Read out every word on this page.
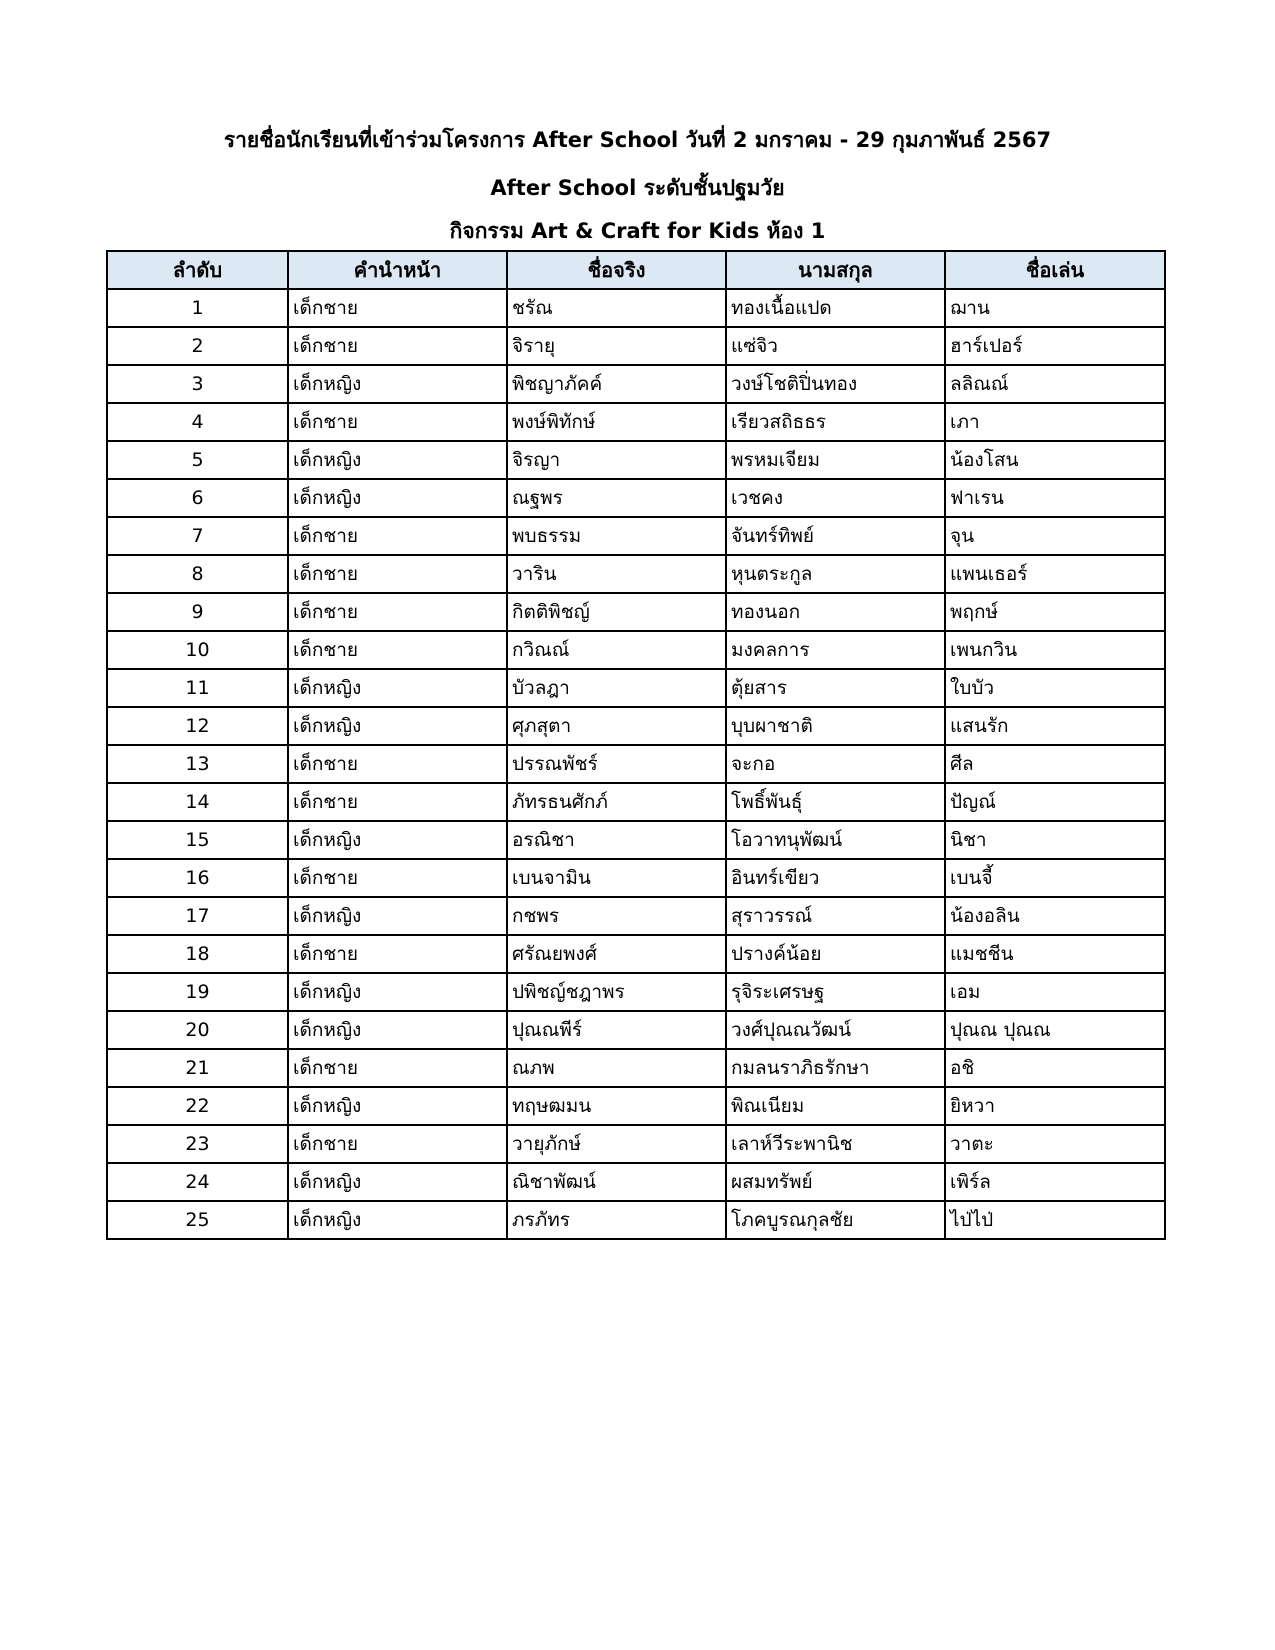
รายชื่อนักเรียนที่เข้าร่วมโครงการ After School วันที่ 2 มกราคม - 29 กุมภาพันธ์ 2567
After School ระดับชั้นปฐมวัย
กิจกรรม Art & Craft for Kids ห้อง 1
ลำดับ	คำนำหน้า	ชื่อจริง	นามสกุล	ชื่อเล่น
1	เด็กชาย	ชรัณ	ทองเนื้อแปด	ฌาน
2	เด็กชาย	จิรายุ	แซ่จิว	ฮาร์เปอร์
3	เด็กหญิง	พิชญาภัคค์	วงษ์โชติปิ่นทอง	ลลิณณ์
4	เด็กชาย	พงษ์พิทักษ์	เรียวสถิธธร	เภา
5	เด็กหญิง	จิรญา	พรหมเจียม	น้องโสน
6	เด็กหญิง	ณฐพร	เวชคง	ฟาเรน
7	เด็กชาย	พบธรรม	จันทร์ทิพย์	จุน
8	เด็กชาย	วาริน	หุนตระกูล	แพนเธอร์
9	เด็กชาย	กิตติพิชญ์	ทองนอก	พฤกษ์
10	เด็กชาย	กวิณณ์	มงคลการ	เพนกวิน
11	เด็กหญิง	บัวลฎา	ตุ้ยสาร	ใบบัว
12	เด็กหญิง	ศุภสุตา	บุบผาชาติ	แสนรัก
13	เด็กชาย	ปรรณพัชร์	จะกอ	ศีล
14	เด็กชาย	ภัทรธนศักภ์	โพธิ์พันธุ์	ปัญณ์
15	เด็กหญิง	อรณิชา	โอวาทนุพัฒน์	นิชา
16	เด็กชาย	เบนจามิน	อินทร์เขียว	เบนจี้
17	เด็กหญิง	กชพร	สุราวรรณ์	น้องอลิน
18	เด็กชาย	ศรัณยพงศ์	ปรางค์น้อย	แมชชีน
19	เด็กหญิง	ปพิชญ์ชฎาพร	รุจิระเศรษฐ	เอม
20	เด็กหญิง	ปุณณพีร์	วงศ์ปุณณวัฒน์	ปุณณ ปุณณ
21	เด็กชาย	ณภพ	กมลนราภิธรักษา	อชิ
22	เด็กหญิง	ทฤษฒมน	พิณเนียม	ยิหวา
23	เด็กชาย	วายุภักษ์	เลาห์วีระพานิช	วาตะ
24	เด็กหญิง	ณิชาพัฒน์	ผสมทรัพย์	เพิร์ล
25	เด็กหญิง	ภรภัทร	โภคบูรณกุลชัย	ไป่ไป่
